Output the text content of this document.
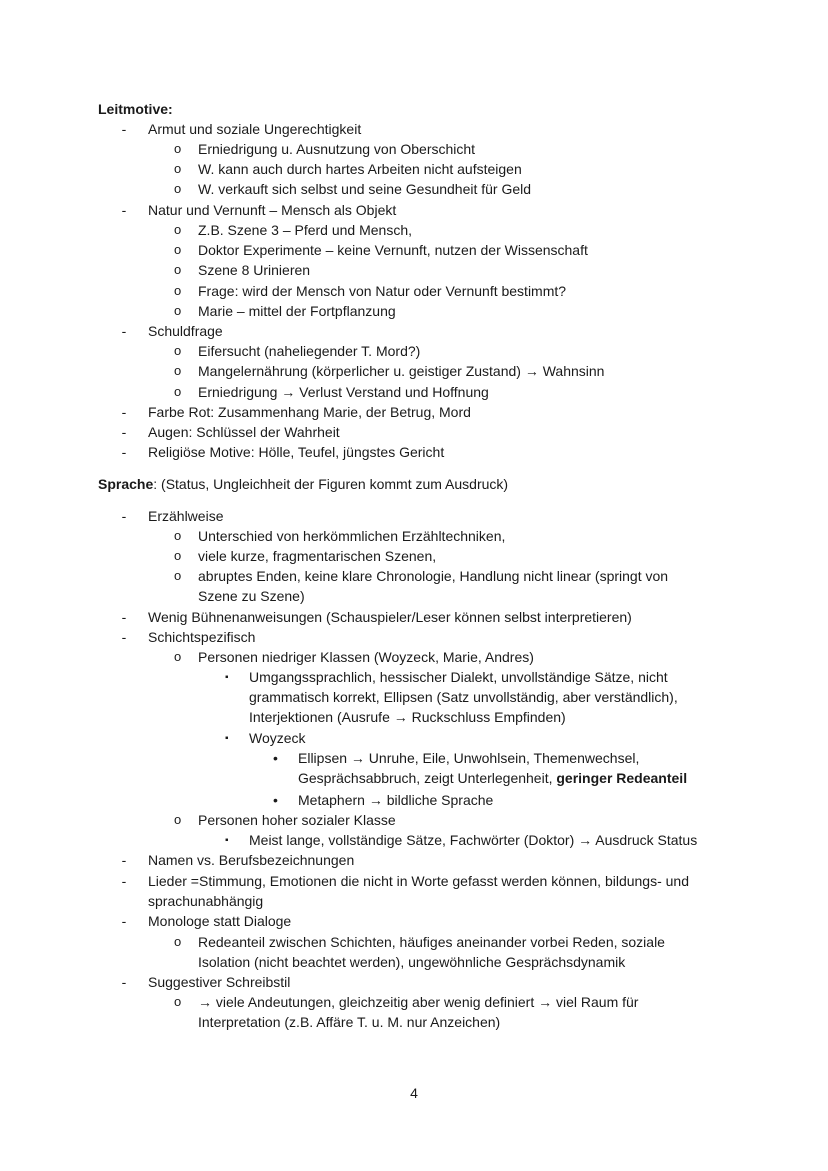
Leitmotive:
- Armut und soziale Ungerechtigkeit
o Erniedrigung u. Ausnutzung von Oberschicht
o W. kann auch durch hartes Arbeiten nicht aufsteigen
o W. verkauft sich selbst und seine Gesundheit für Geld
- Natur und Vernunft – Mensch als Objekt
o Z.B. Szene 3 – Pferd und Mensch,
o Doktor Experimente – keine Vernunft, nutzen der Wissenschaft
o Szene 8 Urinieren
o Frage: wird der Mensch von Natur oder Vernunft bestimmt?
o Marie – mittel der Fortpflanzung
- Schuldfrage
o Eifersucht (naheliegender T. Mord?)
o Mangelernährung (körperlicher u. geistiger Zustand) → Wahnsinn
o Erniedrigung → Verlust Verstand und Hoffnung
- Farbe Rot: Zusammenhang Marie, der Betrug, Mord
- Augen: Schlüssel der Wahrheit
- Religiöse Motive: Hölle, Teufel, jüngstes Gericht
Sprache: (Status, Ungleichheit der Figuren kommt zum Ausdruck)
- Erzählweise
o Unterschied von herkömmlichen Erzähltechniken,
o viele kurze, fragmentarischen Szenen,
o abruptes Enden, keine klare Chronologie, Handlung nicht linear (springt von
Szene zu Szene)
- Wenig Bühnenanweisungen (Schauspieler/Leser können selbst interpretieren)
- Schichtspezifisch
o Personen niedriger Klassen (Woyzeck, Marie, Andres)
▪ Umgangssprachlich, hessischer Dialekt, unvollständige Sätze, nicht
grammatisch korrekt, Ellipsen (Satz unvollständig, aber verständlich),
Interjektionen (Ausrufe → Ruckschluss Empfinden)
▪ Woyzeck
• Ellipsen → Unruhe, Eile, Unwohlsein, Themenwechsel,
Gesprächsabbruch, zeigt Unterlegenheit, geringer Redeanteil
• Metaphern → bildliche Sprache
o Personen hoher sozialer Klasse
▪ Meist lange, vollständige Sätze, Fachwörter (Doktor) → Ausdruck Status
- Namen vs. Berufsbezeichnungen
- Lieder =Stimmung, Emotionen die nicht in Worte gefasst werden können, bildungs- und
sprachunabhängig
- Monologe statt Dialoge
o Redeanteil zwischen Schichten, häufiges aneinander vorbei Reden, soziale
Isolation (nicht beachtet werden), ungewöhnliche Gesprächsdynamik
- Suggestiver Schreibstil
o → viele Andeutungen, gleichzeitig aber wenig definiert → viel Raum für
Interpretation (z.B. Affäre T. u. M. nur Anzeichen)
4
